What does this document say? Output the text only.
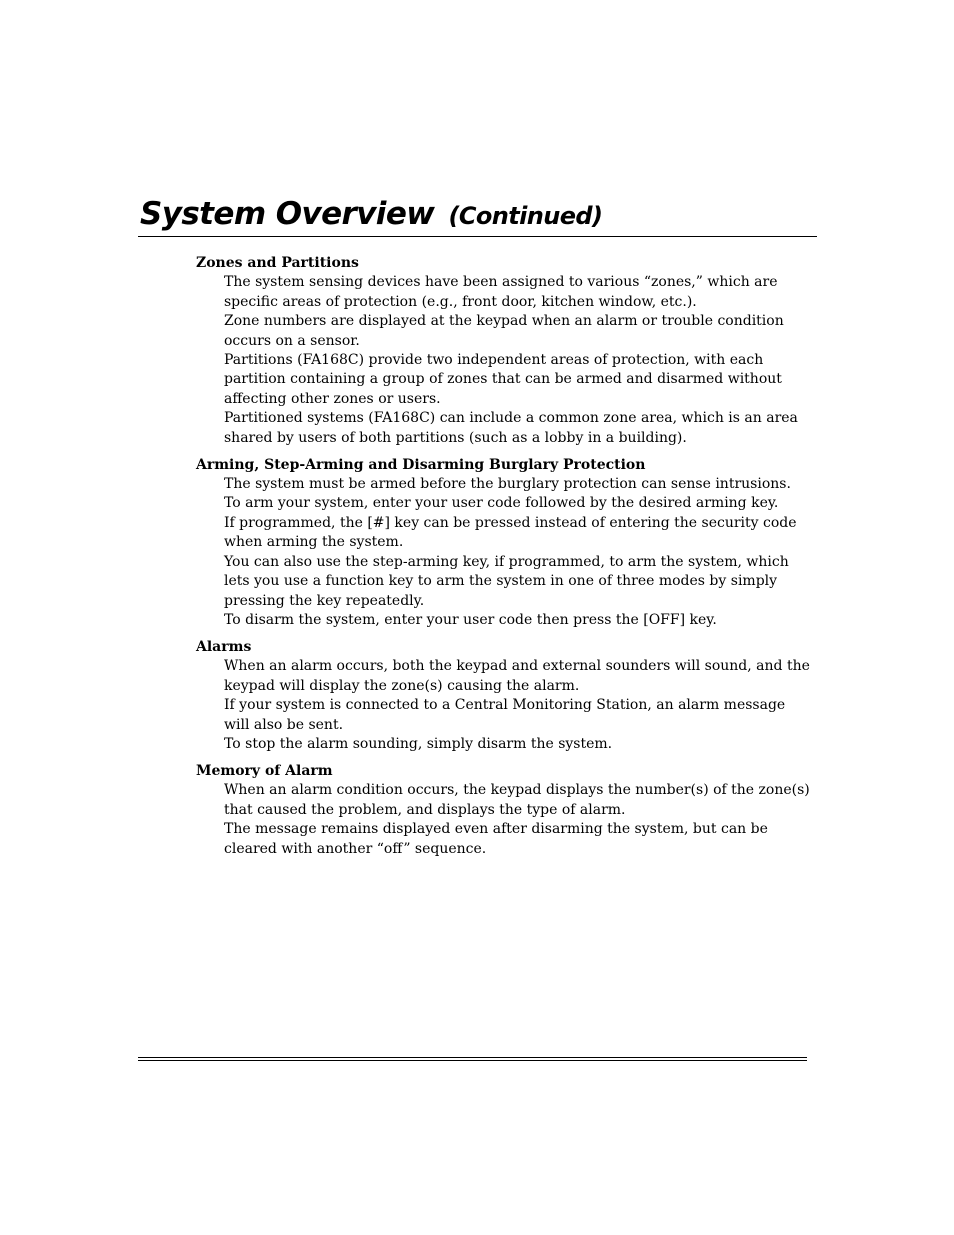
System Overview (Continued)

Zones and Partitions

The system sensing devices have been assigned to various “zones,” which are specific areas of protection (e.g., front door, kitchen window, etc.).

Zone numbers are displayed at the keypad when an alarm or trouble condition occurs on a sensor.

Partitions (FA168C) provide two independent areas of protection, with each partition containing a group of zones that can be armed and disarmed without affecting other zones or users.

Partitioned systems (FA168C) can include a common zone area, which is an area shared by users of both partitions (such as a lobby in a building).

Arming, Step-Arming and Disarming Burglary Protection

The system must be armed before the burglary protection can sense intrusions.

To arm your system, enter your user code followed by the desired arming key.

If programmed, the [#] key can be pressed instead of entering the security code when arming the system.

You can also use the step-arming key, if programmed, to arm the system, which lets you use a function key to arm the system in one of three modes by simply pressing the key repeatedly.

To disarm the system, enter your user code then press the [OFF] key.

Alarms

When an alarm occurs, both the keypad and external sounders will sound, and the keypad will display the zone(s) causing the alarm.

If your system is connected to a Central Monitoring Station, an alarm message will also be sent.

To stop the alarm sounding, simply disarm the system.

Memory of Alarm

When an alarm condition occurs, the keypad displays the number(s) of the zone(s) that caused the problem, and displays the type of alarm.

The message remains displayed even after disarming the system, but can be cleared with another “off” sequence.
